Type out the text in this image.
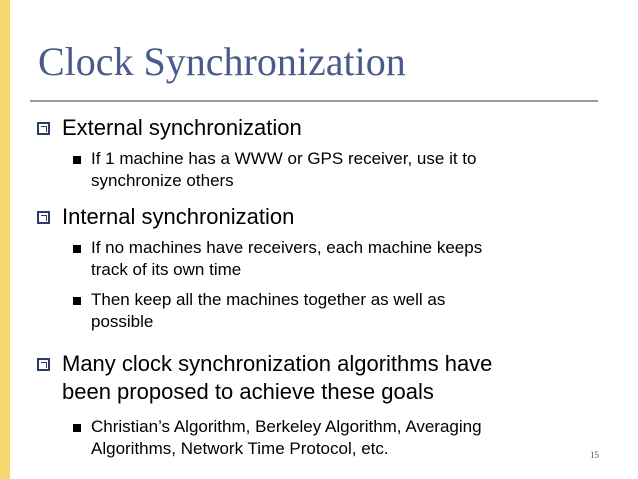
Clock Synchronization
External synchronization
If 1 machine has a WWW or GPS receiver, use it to
synchronize others
Internal synchronization
If no machines have receivers, each machine keeps
track of its own time
Then keep all the machines together as well as
possible
Many clock synchronization algorithms have
been proposed to achieve these goals
Christian’s Algorithm, Berkeley Algorithm, Averaging
Algorithms, Network Time Protocol, etc.	15
